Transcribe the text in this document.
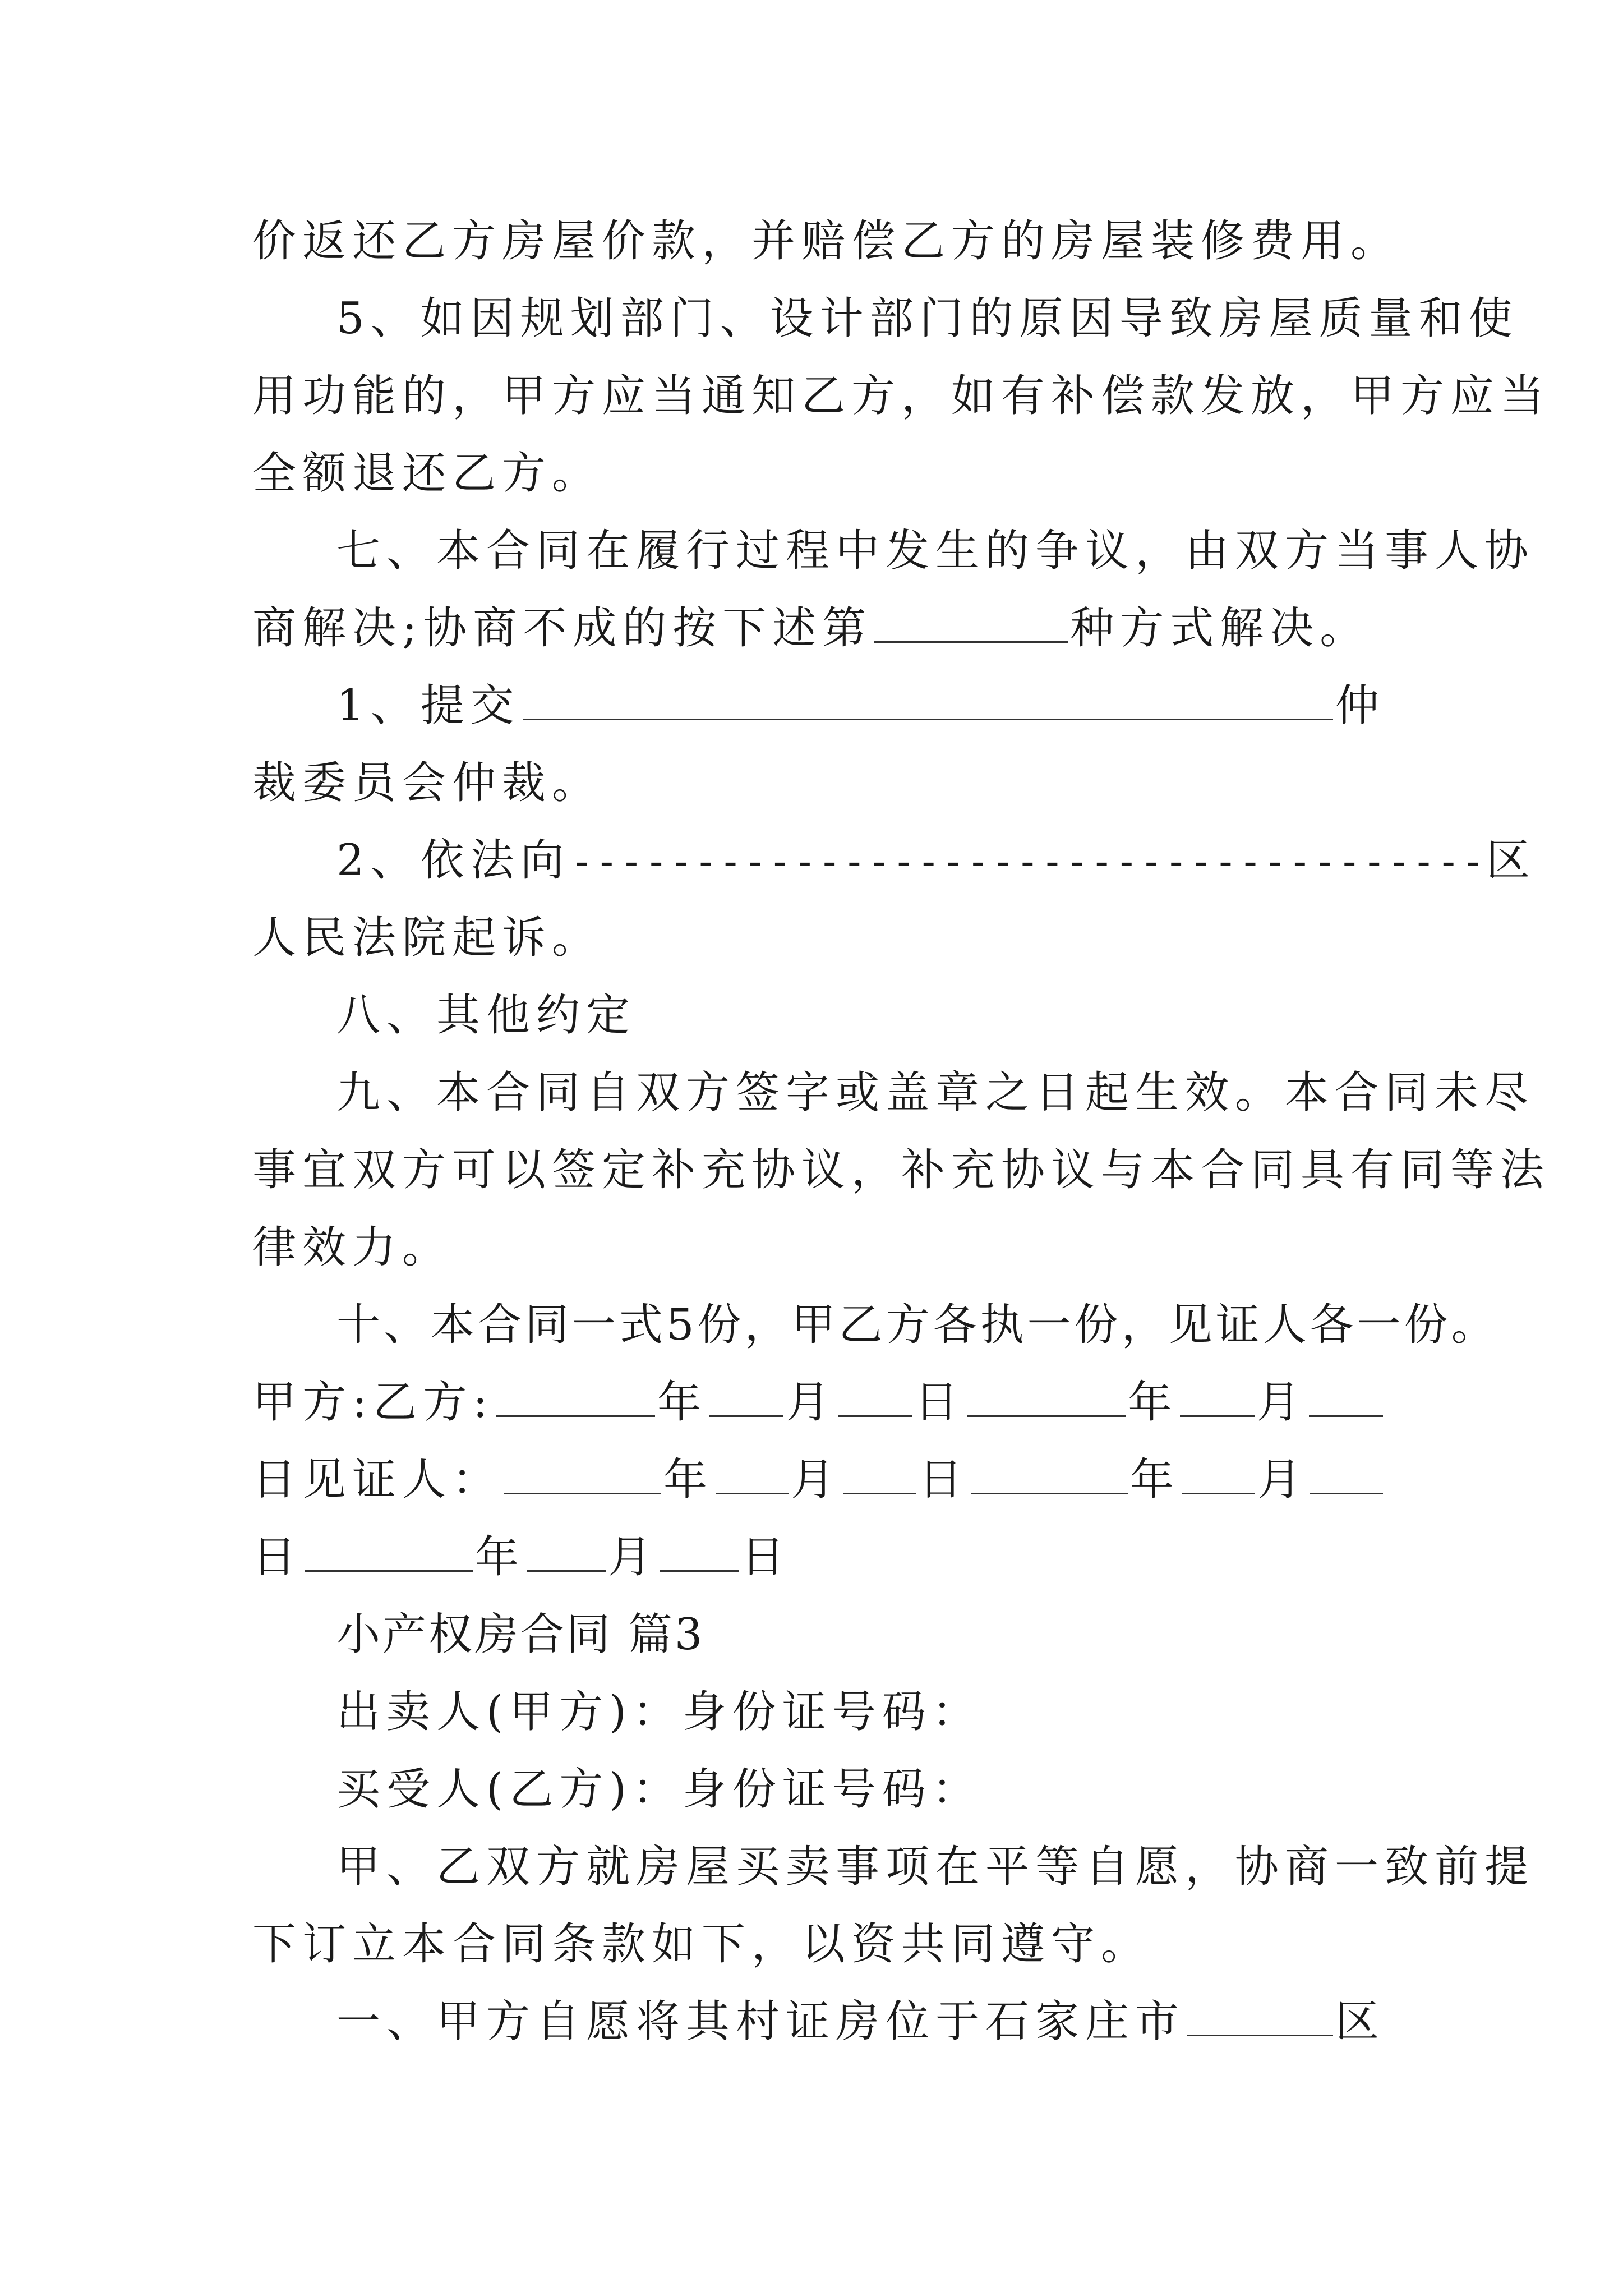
价返还乙方房屋价款，并赔偿乙方的房屋装修费用。
5、如因规划部门、设计部门的原因导致房屋质量和使
用功能的，甲方应当通知乙方，如有补偿款发放，甲方应当
全额退还乙方。
七、本合同在履行过程中发生的争议，由双方当事人协
商解决;协商不成的按下述第	种方式解决。
1、提交	仲
裁委员会仲裁。
2、依法向 ------------------------------------- 区
人民法院起诉。
八、其他约定
九、本合同自双方签字或盖章之日起生效。本合同未尽
事宜双方可以签定补充协议，补充协议与本合同具有同等法
律效力。
十、本合同一式5份，甲乙方各执一份，见证人各一份。
甲方: 乙方:	年 月 日	年 月
日见证人：	年 月 日	年 月
日	年 月 日
小产权房合同 篇3
出卖人(甲方)：身份证号码：
买受人(乙方)：身份证号码：
甲、乙双方就房屋买卖事项在平等自愿，协商一致前提
下订立本合同条款如下，以资共同遵守。
一、甲方自愿将其村证房位于石家庄市	区
